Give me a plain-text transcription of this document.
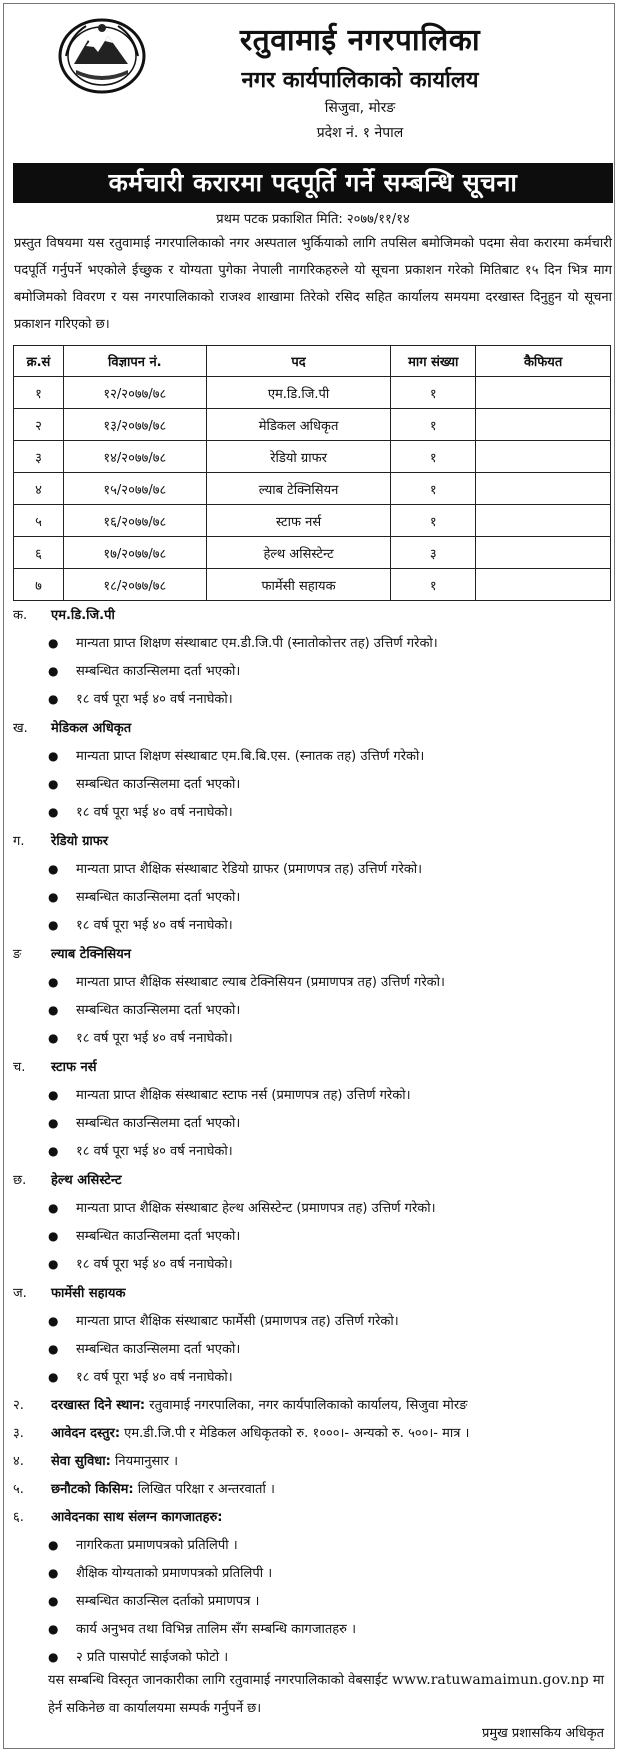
रतुवामाई नगरपालिका
नगर कार्यपालिकाको कार्यालय
सिजुवा, मोरङ
प्रदेश नं. १ नेपाल
कर्मचारी करारमा पदपूर्ति गर्ने सम्बन्धि सूचना
प्रथम पटक प्रकाशित मिति: २०७७/११/१४
प्रस्तुत विषयमा यस रतुवामाई नगरपालिकाको नगर अस्पताल भुर्कियाको लागि तपसिल बमोजिमको पदमा सेवा करारमा कर्मचारी पदपूर्ति गर्नुपर्ने भएकोले ईच्छुक र योग्यता पुगेका नेपाली नागरिकहरुले यो सूचना प्रकाशन गरेको मितिबाट १५ दिन भित्र माग बमोजिमको विवरण र यस नगरपालिकाको राजश्व शाखामा तिरेको रसिद सहित कार्यालय समयमा दरखास्त दिनुहुन यो सूचना प्रकाशन गरिएको छ।
क्र.सं	विज्ञापन नं.	पद	माग संख्या	कैफियत
१	१२/२०७७/७८	एम.डि.जि.पी	१	
२	१३/२०७७/७८	मेडिकल अधिकृत	१	
३	१४/२०७७/७८	रेडियो ग्राफर	१	
४	१५/२०७७/७८	ल्याब टेक्निसियन	१	
५	१६/२०७७/७८	स्टाफ नर्स	१	
६	१७/२०७७/७८	हेल्थ असिस्टेन्ट	३	
७	१८/२०७७/७८	फार्मेसी सहायक	१	
क. एम.डि.जि.पी
● मान्यता प्राप्त शिक्षण संस्थाबाट एम.डी.जि.पी (स्नातोकोत्तर तह) उत्तिर्ण गरेको।
● सम्बन्धित काउन्सिलमा दर्ता भएको।
● १८ वर्ष पूरा भई ४० वर्ष ननाघेको।
ख. मेडिकल अधिकृत
● मान्यता प्राप्त शिक्षण संस्थाबाट एम.बि.बि.एस. (स्नातक तह) उत्तिर्ण गरेको।
● सम्बन्धित काउन्सिलमा दर्ता भएको।
● १८ वर्ष पूरा भई ४० वर्ष ननाघेको।
ग. रेडियो ग्राफर
● मान्यता प्राप्त शैक्षिक संस्थाबाट रेडियो ग्राफर (प्रमाणपत्र तह) उत्तिर्ण गरेको।
● सम्बन्धित काउन्सिलमा दर्ता भएको।
● १८ वर्ष पूरा भई ४० वर्ष ननाघेको।
ङ ल्याब टेक्निसियन
● मान्यता प्राप्त शैक्षिक संस्थाबाट ल्याब टेक्निसियन (प्रमाणपत्र तह) उत्तिर्ण गरेको।
● सम्बन्धित काउन्सिलमा दर्ता भएको।
● १८ वर्ष पूरा भई ४० वर्ष ननाघेको।
च. स्टाफ नर्स
● मान्यता प्राप्त शैक्षिक संस्थाबाट स्टाफ नर्स (प्रमाणपत्र तह) उत्तिर्ण गरेको।
● सम्बन्धित काउन्सिलमा दर्ता भएको।
● १८ वर्ष पूरा भई ४० वर्ष ननाघेको।
छ. हेल्थ असिस्टेन्ट
● मान्यता प्राप्त शैक्षिक संस्थाबाट हेल्थ असिस्टेन्ट (प्रमाणपत्र तह) उत्तिर्ण गरेको।
● सम्बन्धित काउन्सिलमा दर्ता भएको।
● १८ वर्ष पूरा भई ४० वर्ष ननाघेको।
ज. फार्मेसी सहायक
● मान्यता प्राप्त शैक्षिक संस्थाबाट फार्मेसी (प्रमाणपत्र तह) उत्तिर्ण गरेको।
● सम्बन्धित काउन्सिलमा दर्ता भएको।
● १८ वर्ष पूरा भई ४० वर्ष ननाघेको।
२. दरखास्त दिने स्थान: रतुवामाई नगरपालिका, नगर कार्यपालिकाको कार्यालय, सिजुवा मोरङ
३. आवेदन दस्तुर: एम.डी.जि.पी र मेडिकल अधिकृतको रु. १०००।- अन्यको रु. ५००।- मात्र ।
४. सेवा सुविधा: नियमानुसार ।
५. छनौटको किसिम: लिखित परिक्षा र अन्तरवार्ता ।
६. आवेदनका साथ संलग्न कागजातहरु:
● नागरिकता प्रमाणपत्रको प्रतिलिपी ।
● शैक्षिक योग्यताको प्रमाणपत्रको प्रतिलिपी ।
● सम्बन्धित काउन्सिल दर्ताको प्रमाणपत्र ।
● कार्य अनुभव तथा विभिन्न तालिम सँग सम्बन्धि कागजातहरु ।
● २ प्रति पासपोर्ट साईजको फोटो ।
यस सम्बन्धि विस्तृत जानकारीका लागि रतुवामाई नगरपालिकाको वेबसाईट www.ratuwamaimun.gov.np मा हेर्न सकिनेछ वा कार्यालयमा सम्पर्क गर्नुपर्ने छ।
प्रमुख प्रशासकिय अधिकृत
